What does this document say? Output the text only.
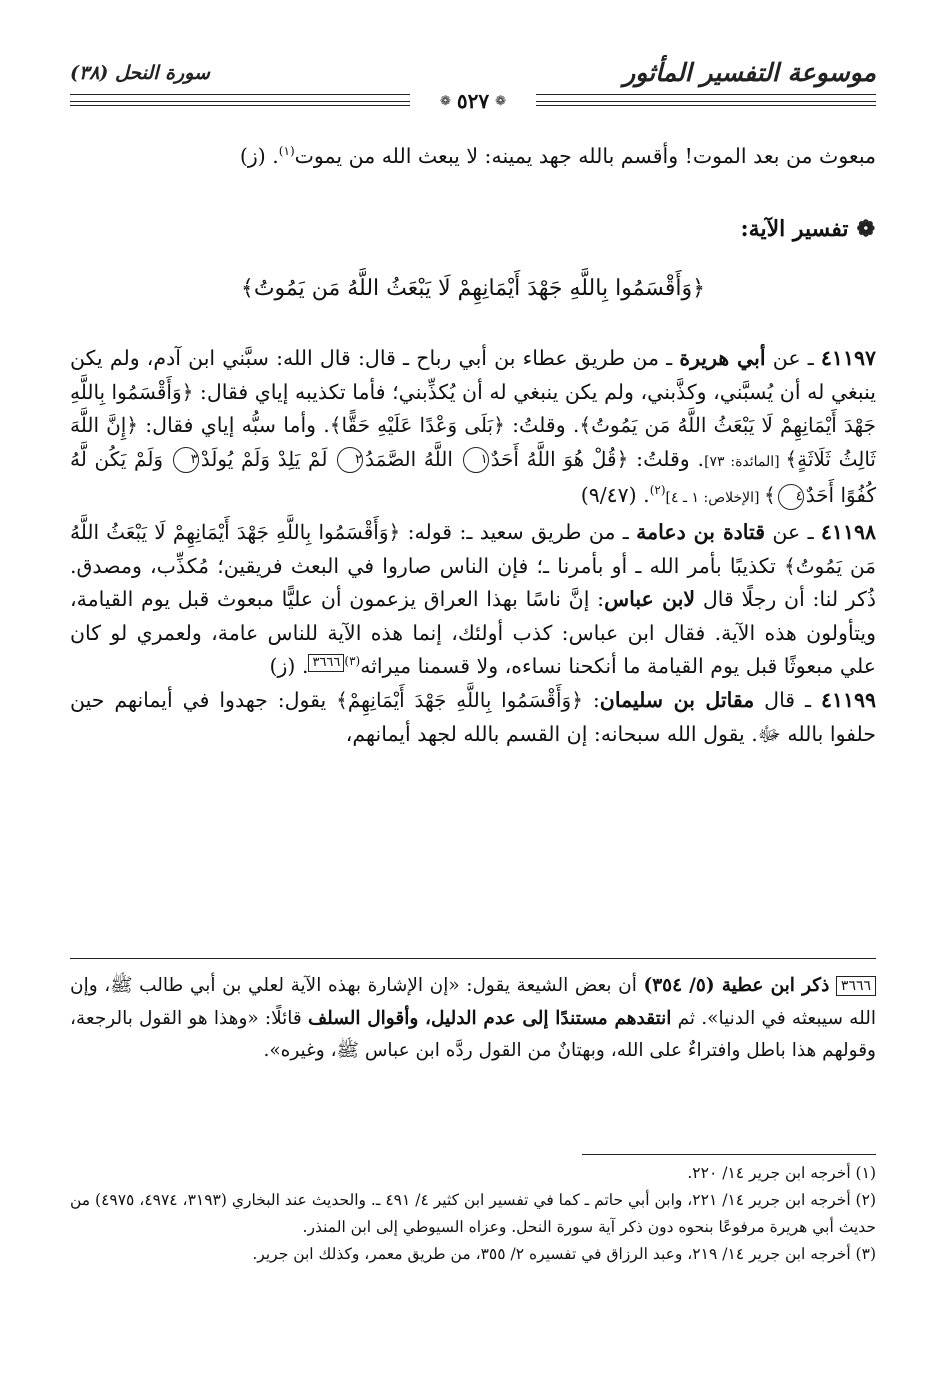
موسوعة التفسير المأثور
سورة النحل (٣٨)
❁
٥٢٧
❁

مبعوث من بعد الموت! وأقسم بالله جهد يمينه: لا يبعث الله من يموت$^{(١)}$. (ز)

❁
تفسير الآية:
﴿وَأَقْسَمُوا بِاللَّهِ جَهْدَ أَيْمَانِهِمْ لَا يَبْعَثُ اللَّهُ مَن يَمُوتُ﴾

٤١١٩٧ ـ عن أبي هريرة ـ من طريق عطاء بن أبي رباح ـ قال: قال الله: سبَّني ابن آدم، ولم يكن ينبغي له أن يُسبَّني، وكذَّبني، ولم يكن ينبغي له أن يُكذِّبني؛ فأما تكذيبه إياي فقال: ﴿وَأَقْسَمُوا بِاللَّهِ جَهْدَ أَيْمَانِهِمْ لَا يَبْعَثُ اللَّهُ مَن يَمُوتُ﴾. وقلتُ: ﴿بَلَى وَعْدًا عَلَيْهِ حَقًّا﴾. وأما سبُّه إياي فقال: ﴿إِنَّ اللَّهَ ثَالِثُ ثَلَاثَةٍ﴾ [المائدة: ٧٣]. وقلتُ: ﴿قُلْ هُوَ اللَّهُ أَحَدٌ١ اللَّهُ الصَّمَدُ٢ لَمْ يَلِدْ وَلَمْ يُولَدْ٣ وَلَمْ يَكُن لَّهُ كُفُوًا أَحَدٌ٤﴾ [الإخلاص: ١ ـ ٤]$^{(٢)}$. (٩/٤٧)

٤١١٩٨ ـ عن قتادة بن دعامة ـ من طريق سعيد ـ: قوله: ﴿وَأَقْسَمُوا بِاللَّهِ جَهْدَ أَيْمَانِهِمْ لَا يَبْعَثُ اللَّهُ مَن يَمُوتُ﴾ تكذيبًا بأمر الله ـ أو بأمرنا ـ؛ فإن الناس صاروا في البعث فريقين؛ مُكذِّب، ومصدق. ذُكر لنا: أن رجلًا قال لابن عباس: إنَّ ناسًا بهذا العراق يزعمون أن عليًّا مبعوث قبل يوم القيامة، ويتأولون هذه الآية. فقال ابن عباس: كذب أولئك، إنما هذه الآية للناس عامة، ولعمري لو كان علي مبعوثًا قبل يوم القيامة ما أنكحنا نساءه، ولا قسمنا ميراثه$^{(٣)}$٣٦٦٦. (ز)

٤١١٩٩ ـ قال مقاتل بن سليمان: ﴿وَأَقْسَمُوا بِاللَّهِ جَهْدَ أَيْمَانِهِمْ﴾ يقول: جهدوا في أيمانهم حين حلفوا بالله ﷻ. يقول الله سبحانه: إن القسم بالله لجهد أيمانهم،

٣٦٦٦ ذكر ابن عطية (٥/ ٣٥٤) أن بعض الشيعة يقول: «إن الإشارة بهذه الآية لعلي بن أبي طالب ﷺ، وإن الله سيبعثه في الدنيا». ثم انتقدهم مستندًا إلى عدم الدليل، وأقوال السلف قائلًا: «وهذا هو القول بالرجعة، وقولهم هذا باطل وافتراءٌ على الله، وبهتانٌ من القول ردَّه ابن عباس ﷺ، وغيره».

(١) أخرجه ابن جرير ١٤/ ٢٢٠.

(٢) أخرجه ابن جرير ١٤/ ٢٢١، وابن أبي حاتم ـ كما في تفسير ابن كثير ٤/ ٤٩١ ـ. والحديث عند البخاري (٣١٩٣، ٤٩٧٤، ٤٩٧٥) من حديث أبي هريرة مرفوعًا بنحوه دون ذكر آية سورة النحل. وعزاه السيوطي إلى ابن المنذر.

(٣) أخرجه ابن جرير ١٤/ ٢١٩، وعبد الرزاق في تفسيره ٢/ ٣٥٥، من طريق معمر، وكذلك ابن جرير.
